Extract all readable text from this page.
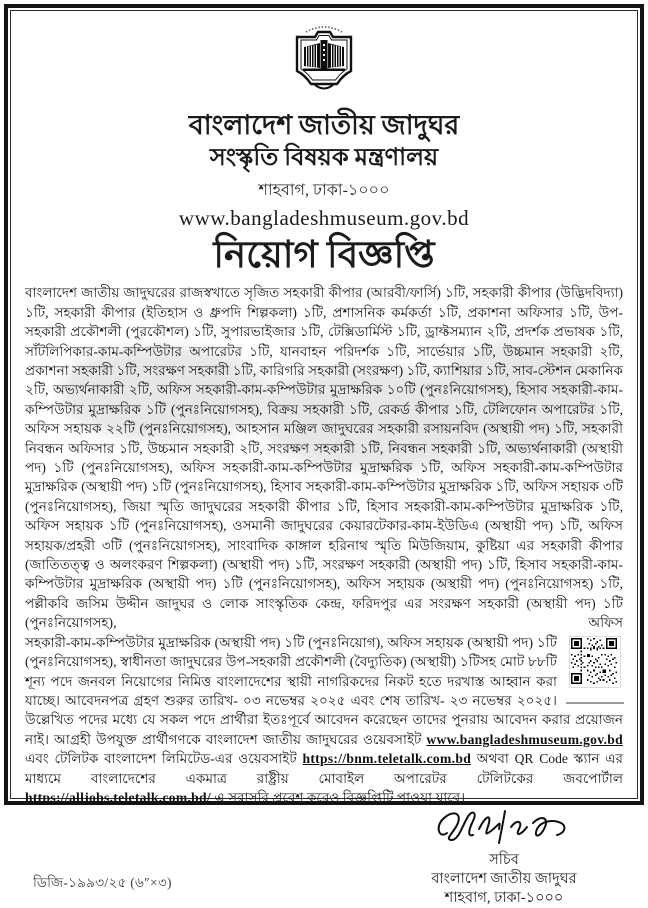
বাংলাদেশ জাতীয় জাদুঘর
সংস্কৃতি বিষয়ক মন্ত্রণালয়
শাহবাগ, ঢাকা-১০০০
www.bangladeshmuseum.gov.bd
নিয়োগ বিজ্ঞপ্তি
বাংলাদেশ জাতীয় জাদুঘরের রাজস্বখাতে সৃজিত সহকারী কীপার (আরবী/ফার্সি) ১টি, সহকারী কীপার (উদ্ভিদবিদ্যা) ১টি, সহকারী কীপার (ইতিহাস ও ধ্রুপদি শিল্পকলা) ১টি, প্রশাসনিক কর্মকর্তা ১টি, প্রকাশনা অফিসার ১টি, উপ-সহকারী প্রকৌশলী (পুরকৌশল) ১টি, সুপারভাইজার ১টি, টেক্সিডার্মিস্ট ১টি, ড্রাফ্টসম্যান ২টি, প্রদর্শক প্রভাষক ১টি, সাঁটলিপিকার-কাম-কম্পিউটার অপারেটর ১টি, যানবাহন পরিদর্শক ১টি, সার্ভেয়ার ১টি, উচ্চমান সহকারী ২টি, প্রকাশনা সহকারী ১টি, সংরক্ষণ সহকারী ১টি, কারিগরি সহকারী (সংরক্ষণ) ১টি, ক্যাশিয়ার ১টি, সাব-স্টেশন মেকানিক ২টি, অভ্যর্থনাকারী ২টি, অফিস সহকারী-কাম-কম্পিউটার মুদ্রাক্ষরিক ১০টি (পুনঃনিয়োগসহ), হিসাব সহকারী-কাম-কম্পিউটার মুদ্রাক্ষরিক ১টি (পুনঃনিয়োগসহ), বিক্রয় সহকারী ১টি, রেকর্ড কীপার ১টি, টেলিফোন অপারেটর ১টি, অফিস সহায়ক ২২টি (পুনঃনিয়োগসহ), আহসান মঞ্জিল জাদুঘরের সহকারী রসায়নবিদ (অস্থায়ী পদ) ১টি, সহকারী নিবন্ধন অফিসার ১টি, উচ্চমান সহকারী ২টি, সংরক্ষণ সহকারী ১টি, নিবন্ধন সহকারী ১টি, অভ্যর্থনাকারী (অস্থায়ী পদ) ১টি (পুনঃনিয়োগসহ), অফিস সহকারী-কাম-কম্পিউটার মুদ্রাক্ষরিক ১টি, অফিস সহকারী-কাম-কম্পিউটার মুদ্রাক্ষরিক (অস্থায়ী পদ) ১টি (পুনঃনিয়োগসহ), হিসাব সহকারী-কাম-কম্পিউটার মুদ্রাক্ষরিক ১টি, অফিস সহায়ক ৩টি (পুনঃনিয়োগসহ), জিয়া স্মৃতি জাদুঘরের সহকারী কীপার ১টি, হিসাব সহকারী-কাম-কম্পিউটার মুদ্রাক্ষরিক ১টি, অফিস সহায়ক ১টি (পুনঃনিয়োগসহ), ওসমানী জাদুঘরের কেয়ারটেকার-কাম-ইউডিএ (অস্থায়ী পদ) ১টি, অফিস সহায়ক/প্রহরী ৩টি (পুনঃনিয়োগসহ), সাংবাদিক কাঙ্গাল হরিনাথ স্মৃতি মিউজিয়াম, কুষ্টিয়া এর সহকারী কীপার (জাতিতত্ত্ব ও অলংকরণ শিল্পকলা) (অস্থায়ী পদ) ১টি, সংরক্ষণ সহকারী (অস্থায়ী পদ) ১টি, হিসাব সহকারী-কাম-কম্পিউটার মুদ্রাক্ষরিক (অস্থায়ী পদ) ১টি (পুনঃনিয়োগসহ), অফিস সহায়ক (অস্থায়ী পদ) (পুনঃনিয়োগসহ) ১টি, পল্লীকবি জসিম উদ্দীন জাদুঘর ও লোক সাংস্কৃতিক কেন্দ্র, ফরিদপুর এর সংরক্ষণ সহকারী (অস্থায়ী পদ) ১টি (পুনঃনিয়োগসহ), অফিস
সহকারী-কাম-কম্পিউটার মুদ্রাক্ষরিক (অস্থায়ী পদ) ১টি (পুনঃনিয়োগ), অফিস সহায়ক (অস্থায়ী পদ) ১টি (পুনঃনিয়োগসহ), স্বাধীনতা জাদুঘরের উপ-সহকারী প্রকৌশলী (বৈদ্যুতিক) (অস্থায়ী) ১টিসহ মোট ৮৮টি শূন্য পদে জনবল নিয়োগের নিমিত্ত বাংলাদেশের স্থায়ী নাগরিকদের নিকট হতে দরখাস্ত আহ্বান করা যাচ্ছে। আবেদনপত্র গ্রহণ শুরুর তারিখ- ০৩ নভেম্বর ২০২৫ এবং শেষ তারিখ- ২৩ নভেম্বর ২০২৫। উল্লেখিত পদের মধ্যে যে সকল পদে প্রার্থীরা ইতঃপূর্বে আবেদন করেছেন তাদের পুনরায় আবেদন করার প্রয়োজন নাই। আগ্রহী উপযুক্ত প্রার্থীগণকে বাংলাদেশ জাতীয় জাদুঘরের ওয়েবসাইট www.bangladeshmuseum.gov.bd এবং টেলিটক বাংলাদেশ লিমিটেড-এর ওয়েবসাইট https://bnm.teletalk.com.bd অথবা QR Code স্ক্যান এর মাধ্যমে বাংলাদেশের একমাত্র রাষ্ট্রীয় মোবাইল অপারেটর টেলিটকের জবপোর্টাল https://alljobs.teletalk.com.bd/ এ সরাসরি প্রবেশ করেও বিজ্ঞপ্তিটি পাওয়া যাবে।
সচিব
বাংলাদেশ জাতীয় জাদুঘর
শাহবাগ, ঢাকা-১০০০
ডিজি-১৯৯৩/২৫ (৬″×৩)
